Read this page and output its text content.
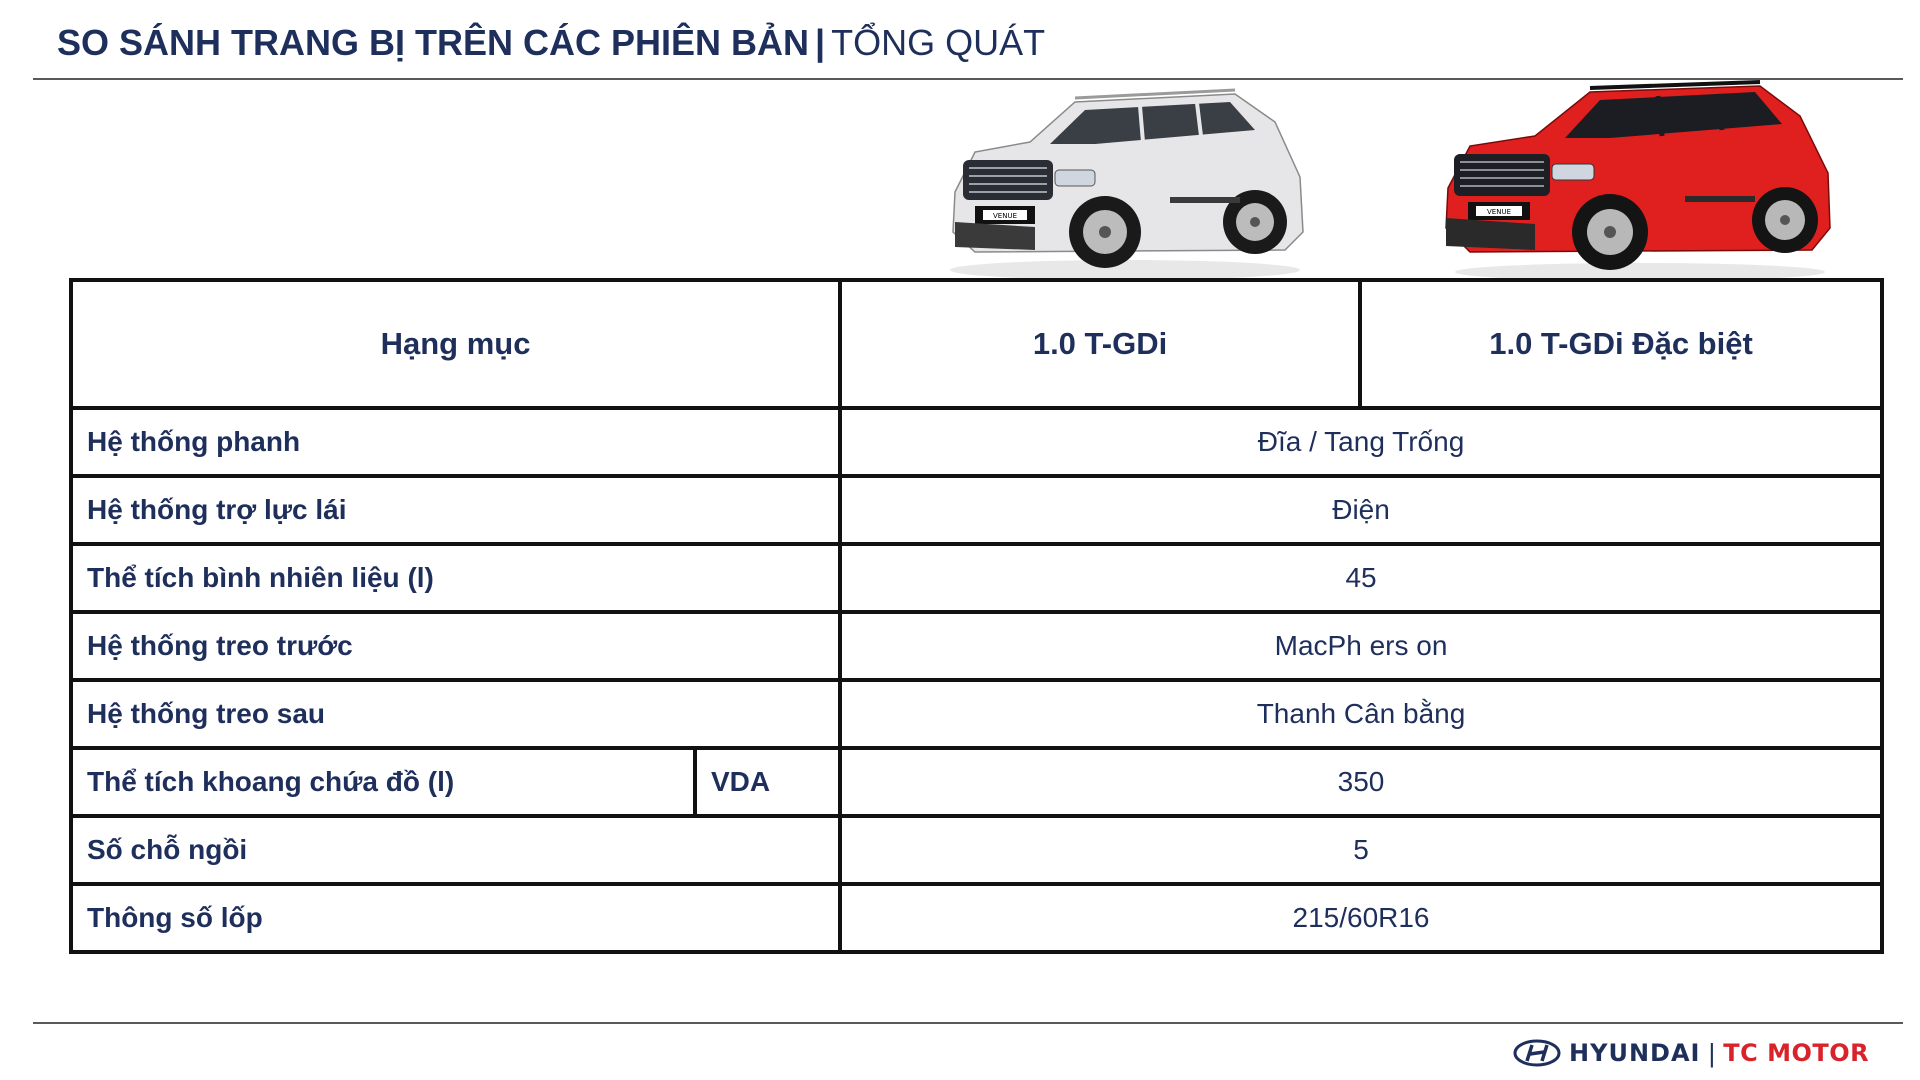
SO SÁNH TRANG BỊ TRÊN CÁC PHIÊN BẢN | TỔNG QUÁT
VENUE	VENUE
Hạng mục		1.0 T-GDi	1.0 T-GDi Đặc biệt
Hệ thống phanh		Đĩa / Tang Trống	
Hệ thống trợ lực lái		Điện	
Thể tích bình nhiên liệu (l)		45	
Hệ thống treo trước		MacPh ers on	
Hệ thống treo sau		Thanh Cân bằng	
Thể tích khoang chứa đồ (l)	VDA	350	
Số chỗ ngồi		5	
Thông số lốp		215/60R16	
HYUNDAI | TC MOTOR
